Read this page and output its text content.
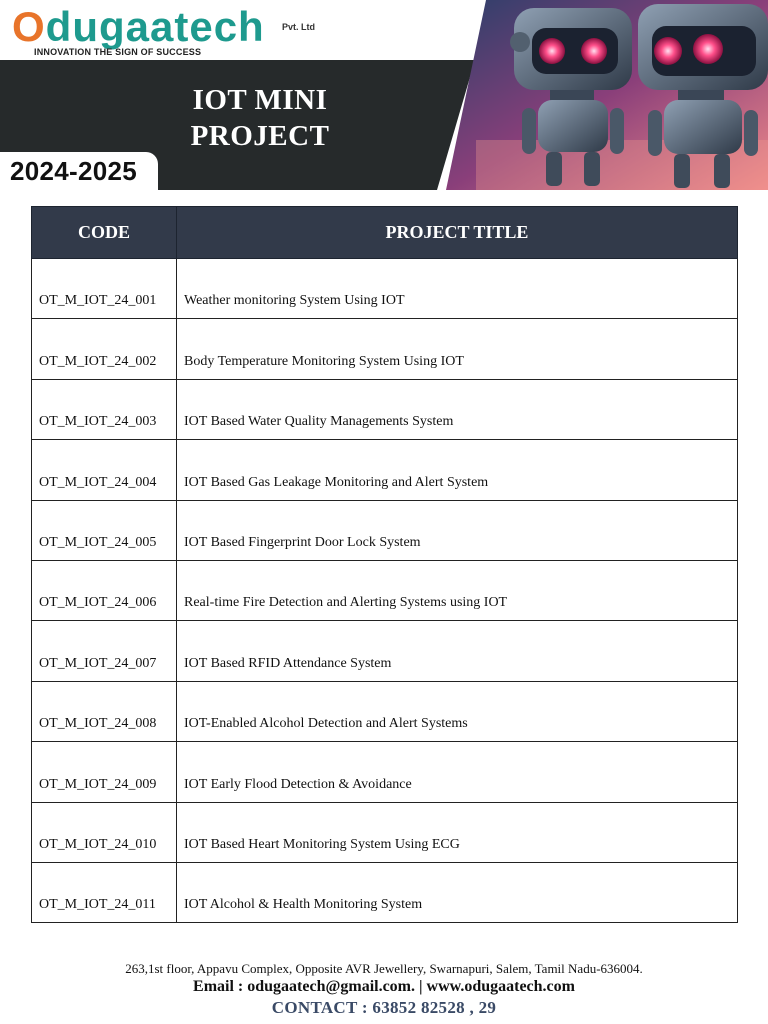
Odugaatech Pvt. Ltd
INNOVATION THE SIGN OF SUCCESS
IOT MINI
PROJECT
2024-2025
CODE	PROJECT TITLE
OT_M_IOT_24_001	Weather monitoring System Using IOT
OT_M_IOT_24_002	Body Temperature Monitoring System Using IOT
OT_M_IOT_24_003	IOT Based Water Quality Managements System
OT_M_IOT_24_004	IOT Based Gas Leakage Monitoring and Alert System
OT_M_IOT_24_005	IOT Based Fingerprint Door Lock System
OT_M_IOT_24_006	Real-time Fire Detection and Alerting Systems using IOT
OT_M_IOT_24_007	IOT Based RFID Attendance System
OT_M_IOT_24_008	IOT-Enabled Alcohol Detection and Alert Systems
OT_M_IOT_24_009	IOT Early Flood Detection & Avoidance
OT_M_IOT_24_010	IOT Based Heart Monitoring System Using ECG
OT_M_IOT_24_011	IOT Alcohol & Health Monitoring System
263,1st floor, Appavu Complex, Opposite AVR Jewellery, Swarnapuri, Salem, Tamil Nadu-636004.
Email : odugaatech@gmail.com. | www.odugaatech.com
CONTACT : 63852 82528 , 29
